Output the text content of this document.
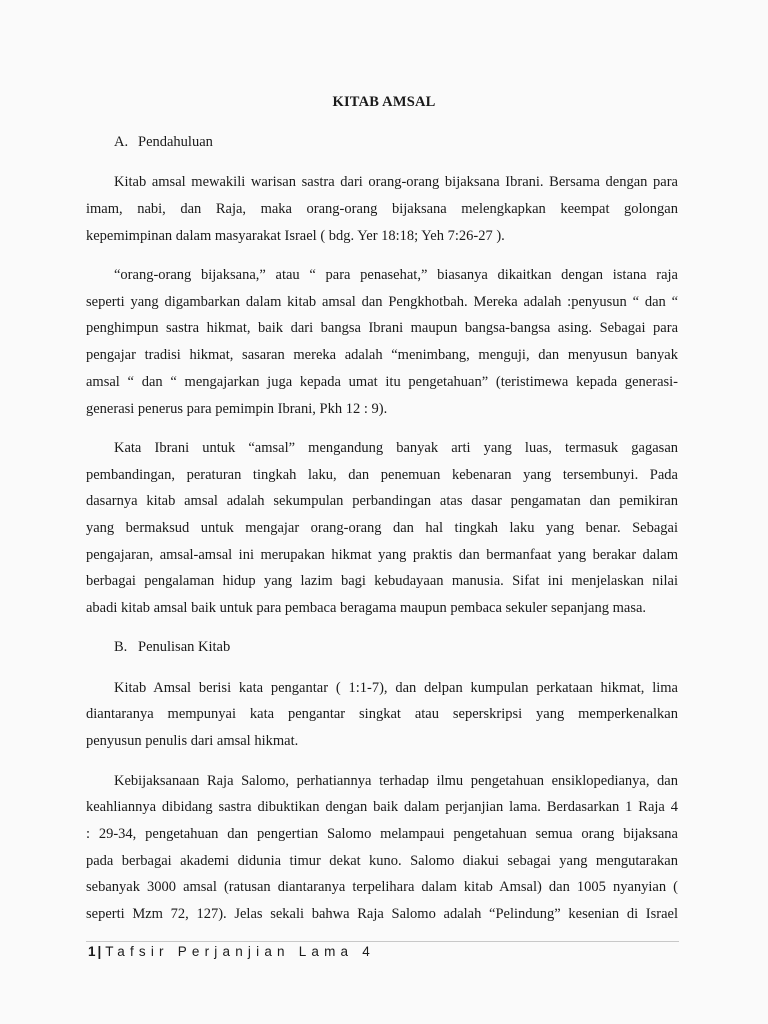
KITAB AMSAL
A. Pendahuluan
Kitab amsal mewakili warisan sastra dari orang-orang bijaksana Ibrani. Bersama dengan para
imam, nabi, dan Raja, maka orang-orang bijaksana melengkapkan keempat golongan
kepemimpinan dalam masyarakat Israel ( bdg. Yer 18:18; Yeh 7:26-27 ).
“orang-orang bijaksana,” atau “ para penasehat,” biasanya dikaitkan dengan istana raja
seperti yang digambarkan dalam kitab amsal dan Pengkhotbah. Mereka adalah :penyusun “ dan “
penghimpun sastra hikmat, baik dari bangsa Ibrani maupun bangsa-bangsa asing. Sebagai para
pengajar tradisi hikmat, sasaran mereka adalah “menimbang, menguji, dan menyusun banyak
amsal “ dan “ mengajarkan juga kepada umat itu pengetahuan” (teristimewa kepada generasi-
generasi penerus para pemimpin Ibrani, Pkh 12 : 9).
Kata Ibrani untuk “amsal” mengandung banyak arti yang luas, termasuk gagasan
pembandingan, peraturan tingkah laku, dan penemuan kebenaran yang tersembunyi. Pada
dasarnya kitab amsal adalah sekumpulan perbandingan atas dasar pengamatan dan pemikiran
yang bermaksud untuk mengajar orang-orang dan hal tingkah laku yang benar. Sebagai
pengajaran, amsal-amsal ini merupakan hikmat yang praktis dan bermanfaat yang berakar dalam
berbagai pengalaman hidup yang lazim bagi kebudayaan manusia. Sifat ini menjelaskan nilai
abadi kitab amsal baik untuk para pembaca beragama maupun pembaca sekuler sepanjang masa.
B. Penulisan Kitab
Kitab Amsal berisi kata pengantar ( 1:1-7), dan delpan kumpulan perkataan hikmat, lima
diantaranya mempunyai kata pengantar singkat atau seperskripsi yang memperkenalkan
penyusun penulis dari amsal hikmat.
Kebijaksanaan Raja Salomo, perhatiannya terhadap ilmu pengetahuan ensiklopedianya, dan
keahliannya dibidang sastra dibuktikan dengan baik dalam perjanjian lama. Berdasarkan 1 Raja 4
: 29-34, pengetahuan dan pengertian Salomo melampaui pengetahuan semua orang bijaksana
pada berbagai akademi didunia timur dekat kuno. Salomo diakui sebagai yang mengutarakan
sebanyak 3000 amsal (ratusan diantaranya terpelihara dalam kitab Amsal) dan 1005 nyanyian (
seperti Mzm 72, 127). Jelas sekali bahwa Raja Salomo adalah “Pelindung” kesenian di Israel
1 | Tafsir Perjanjian Lama 4
